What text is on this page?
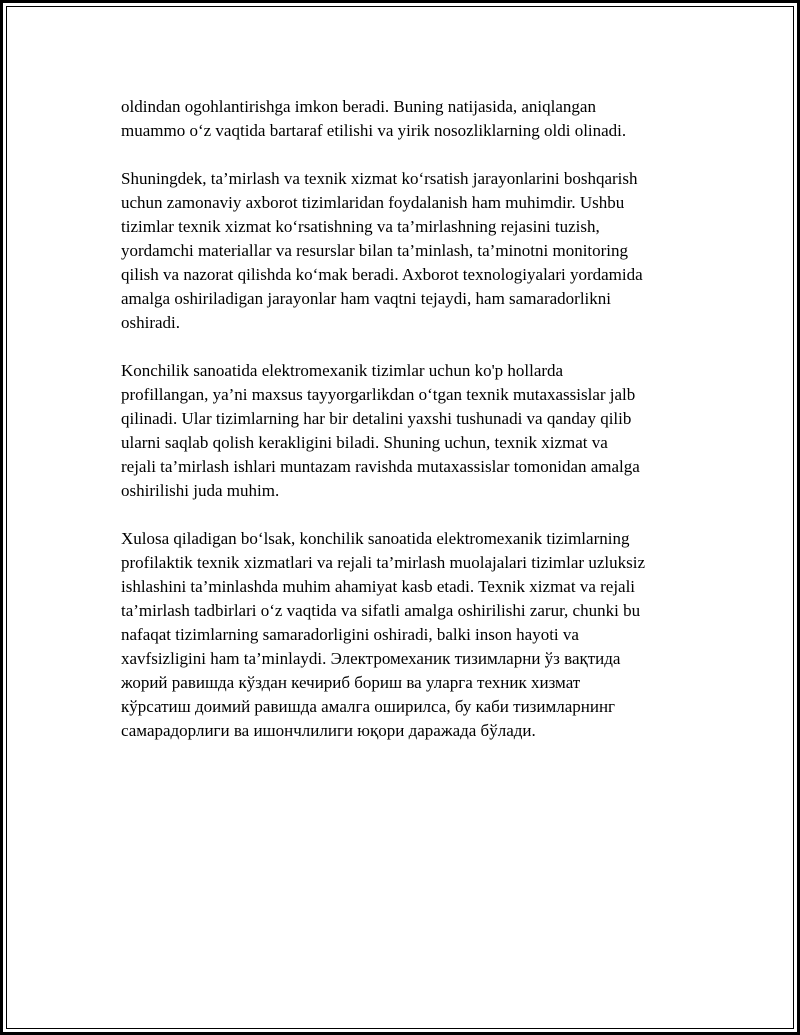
oldindan ogohlantirishga imkon beradi. Buning natijasida, aniqlangan
muammo o‘z vaqtida bartaraf etilishi va yirik nosozliklarning oldi olinadi.

Shuningdek, ta’mirlash va texnik xizmat ko‘rsatish jarayonlarini boshqarish
uchun zamonaviy axborot tizimlaridan foydalanish ham muhimdir. Ushbu
tizimlar texnik xizmat ko‘rsatishning va ta’mirlashning rejasini tuzish,
yordamchi materiallar va resurslar bilan ta’minlash, ta’minotni monitoring
qilish va nazorat qilishda ko‘mak beradi. Axborot texnologiyalari yordamida
amalga oshiriladigan jarayonlar ham vaqtni tejaydi, ham samaradorlikni
oshiradi.

Konchilik sanoatida elektromexanik tizimlar uchun ko'p hollarda
profillangan, ya’ni maxsus tayyorgarlikdan o‘tgan texnik mutaxassislar jalb
qilinadi. Ular tizimlarning har bir detalini yaxshi tushunadi va qanday qilib
ularni saqlab qolish kerakligini biladi. Shuning uchun, texnik xizmat va
rejali ta’mirlash ishlari muntazam ravishda mutaxassislar tomonidan amalga
oshirilishi juda muhim.

Xulosa qiladigan bo‘lsak, konchilik sanoatida elektromexanik tizimlarning
profilaktik texnik xizmatlari va rejali ta’mirlash muolajalari tizimlar uzluksiz
ishlashini ta’minlashda muhim ahamiyat kasb etadi. Texnik xizmat va rejali
ta’mirlash tadbirlari o‘z vaqtida va sifatli amalga oshirilishi zarur, chunki bu
nafaqat tizimlarning samaradorligini oshiradi, balki inson hayoti va
xavfsizligini ham ta’minlaydi. Электромеханик тизимларни ўз вақтида
жорий равишда кўздан кечириб бориш ва уларга техник хизмат
кўрсатиш доимий равишда амалга оширилса, бу каби тизимларнинг
самарадорлиги ва ишончлилиги юқори даражада бўлади.
